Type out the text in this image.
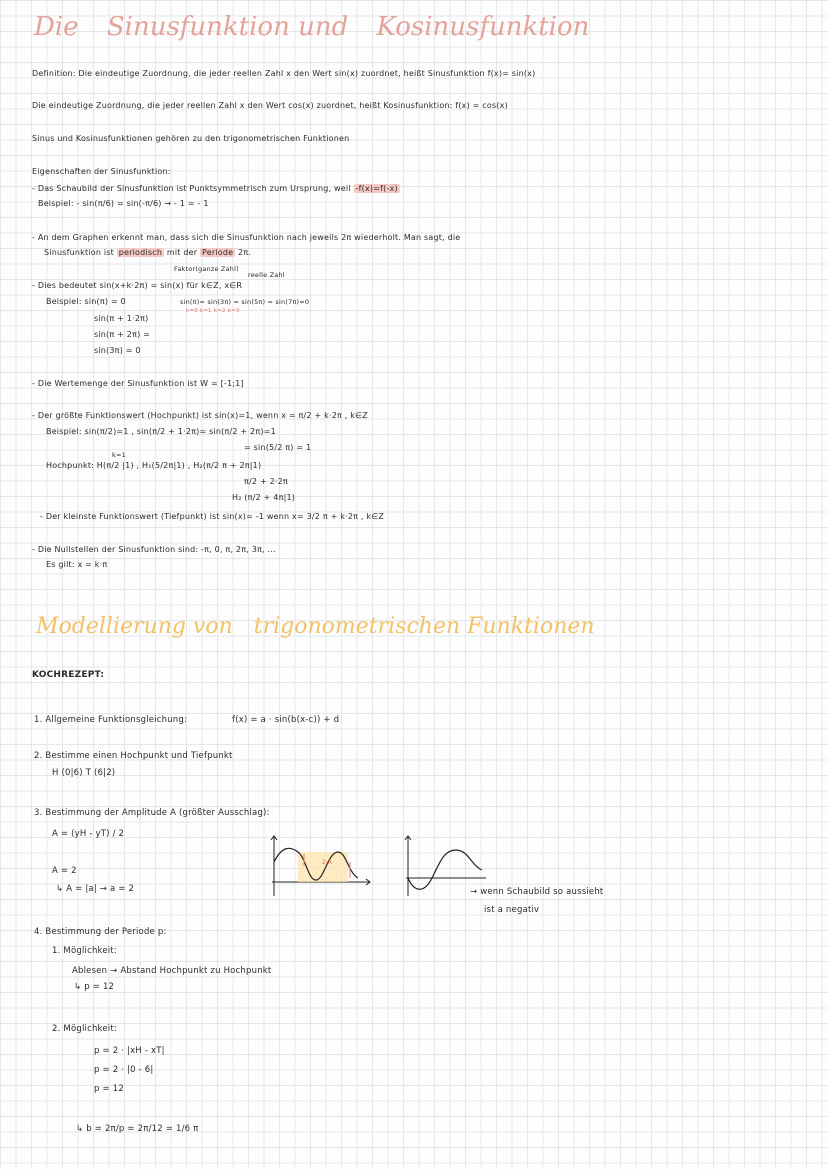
Die Sinusfunktion und Kosinusfunktion
Definition: Die eindeutige Zuordnung, die jeder reellen Zahl x den Wert sin(x) zuordnet, heißt Sinusfunktion f(x)= sin(x)
Die eindeutige Zuordnung, die jeder reellen Zahl x den Wert cos(x) zuordnet, heißt Kosinusfunktion: f(x) = cos(x)
Sinus und Kosinusfunktionen gehören zu den trigonometrischen Funktionen
Eigenschaften der Sinusfunktion:
- Das Schaubild der Sinusfunktion ist Punktsymmetrisch zum Ursprung, weil -f(x)=f(-x)
Beispiel: - sin(π/6) = sin(-π/6) → - 1 = - 1
- An dem Graphen erkennt man, dass sich die Sinusfunktion nach jeweils 2π wiederholt. Man sagt, die
Sinusfunktion ist periodisch mit der Periode 2π.
Faktor(ganze Zahl)
reelle Zahl
- Dies bedeutet sin(x+k·2π) = sin(x) für k∈Z, x∈R
Beispiel: sin(π) = 0	sin(π)= sin(3π) = sin(5π) = sin(7π)=0
k=0 k=1 k=2 k=3
sin(π + 1·2π)
sin(π + 2π) =
sin(3π) = 0
- Die Wertemenge der Sinusfunktion ist W = [-1;1]
- Der größte Funktionswert (Hochpunkt) ist sin(x)=1, wenn x = π/2 + k·2π , k∈Z
Beispiel: sin(π/2)=1 , sin(π/2 + 1·2π)= sin(π/2 + 2π)=1
= sin(5/2 π) = 1
k=1
Hochpunkt: H(π/2 |1) , H₁(5/2π|1) , H₂(π/2 π + 2π|1)
π/2 + 2·2π
H₂ (π/2 + 4π|1)
- Der kleinste Funktionswert (Tiefpunkt) ist sin(x)= -1 wenn x= 3/2 π + k·2π , k∈Z
- Die Nullstellen der Sinusfunktion sind: -π, 0, π, 2π, 3π, ...
Es gilt: x = k·π
Modellierung von trigonometrischen Funktionen
KOCHREZEPT:
1. Allgemeine Funktionsgleichung:	f(x) = a · sin(b(x-c)) + d
2. Bestimme einen Hochpunkt und Tiefpunkt
H (0|6) T (6|2)
3. Bestimmung der Amplitude A (größter Ausschlag):
A = (yH - yT) / 2
A = 2
↳ A = |a| → a = 2
2·A
→ wenn Schaubild so aussieht
ist a negativ
4. Bestimmung der Periode p:
1. Möglichkeit:
Ablesen → Abstand Hochpunkt zu Hochpunkt
↳ p = 12
2. Möglichkeit:
p = 2 · |xH - xT|
p = 2 · |0 - 6|
p = 12
↳ b = 2π/p = 2π/12 = 1/6 π
